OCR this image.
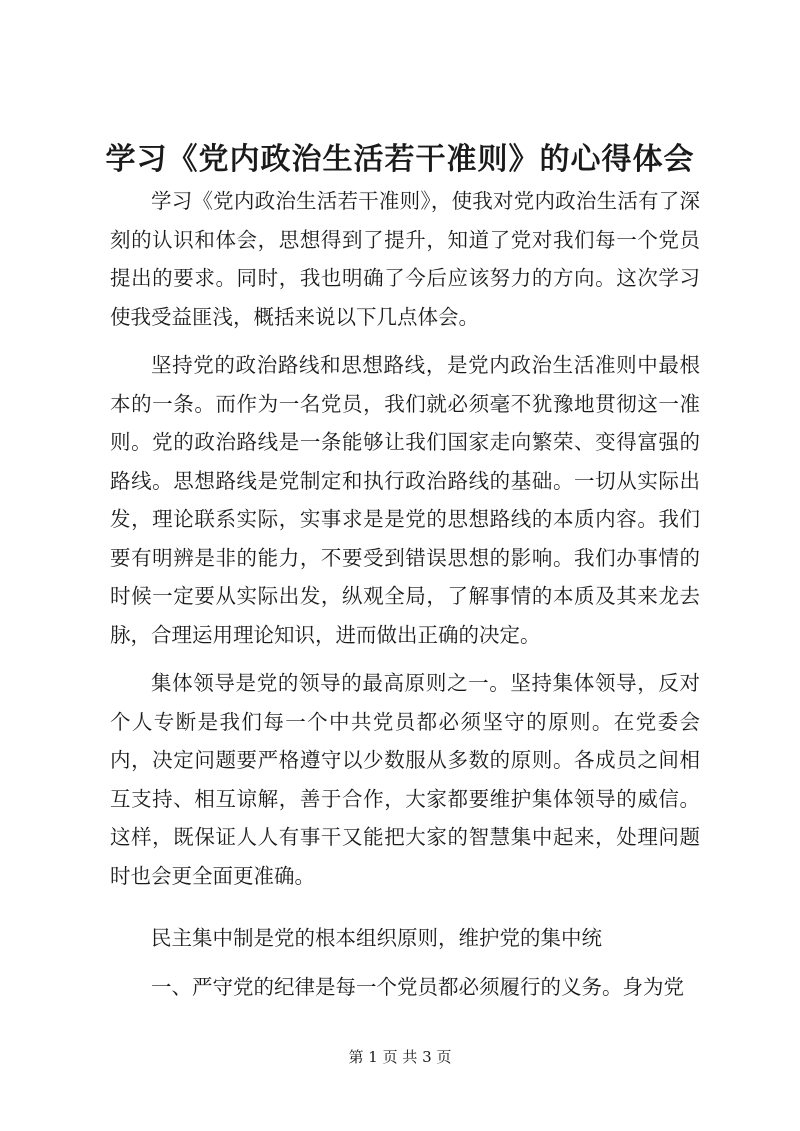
学习《党内政治生活若干准则》的心得体会

学习《党内政治生活若干准则》，使我对党内政治生活有了深刻的认识和体会，思想得到了提升，知道了党对我们每一个党员提出的要求。同时，我也明确了今后应该努力的方向。这次学习使我受益匪浅，概括来说以下几点体会。

坚持党的政治路线和思想路线，是党内政治生活准则中最根本的一条。而作为一名党员，我们就必须毫不犹豫地贯彻这一准则。党的政治路线是一条能够让我们国家走向繁荣、变得富强的路线。思想路线是党制定和执行政治路线的基础。一切从实际出发，理论联系实际，实事求是是党的思想路线的本质内容。我们要有明辨是非的能力，不要受到错误思想的影响。我们办事情的时候一定要从实际出发，纵观全局，了解事情的本质及其来龙去脉，合理运用理论知识，进而做出正确的决定。

集体领导是党的领导的最高原则之一。坚持集体领导，反对个人专断是我们每一个中共党员都必须坚守的原则。在党委会内，决定问题要严格遵守以少数服从多数的原则。各成员之间相互支持、相互谅解，善于合作，大家都要维护集体领导的威信。这样，既保证人人有事干又能把大家的智慧集中起来，处理问题时也会更全面更准确。

民主集中制是党的根本组织原则，维护党的集中统

一、严守党的纪律是每一个党员都必须履行的义务。身为党

第 1 页 共 3 页
